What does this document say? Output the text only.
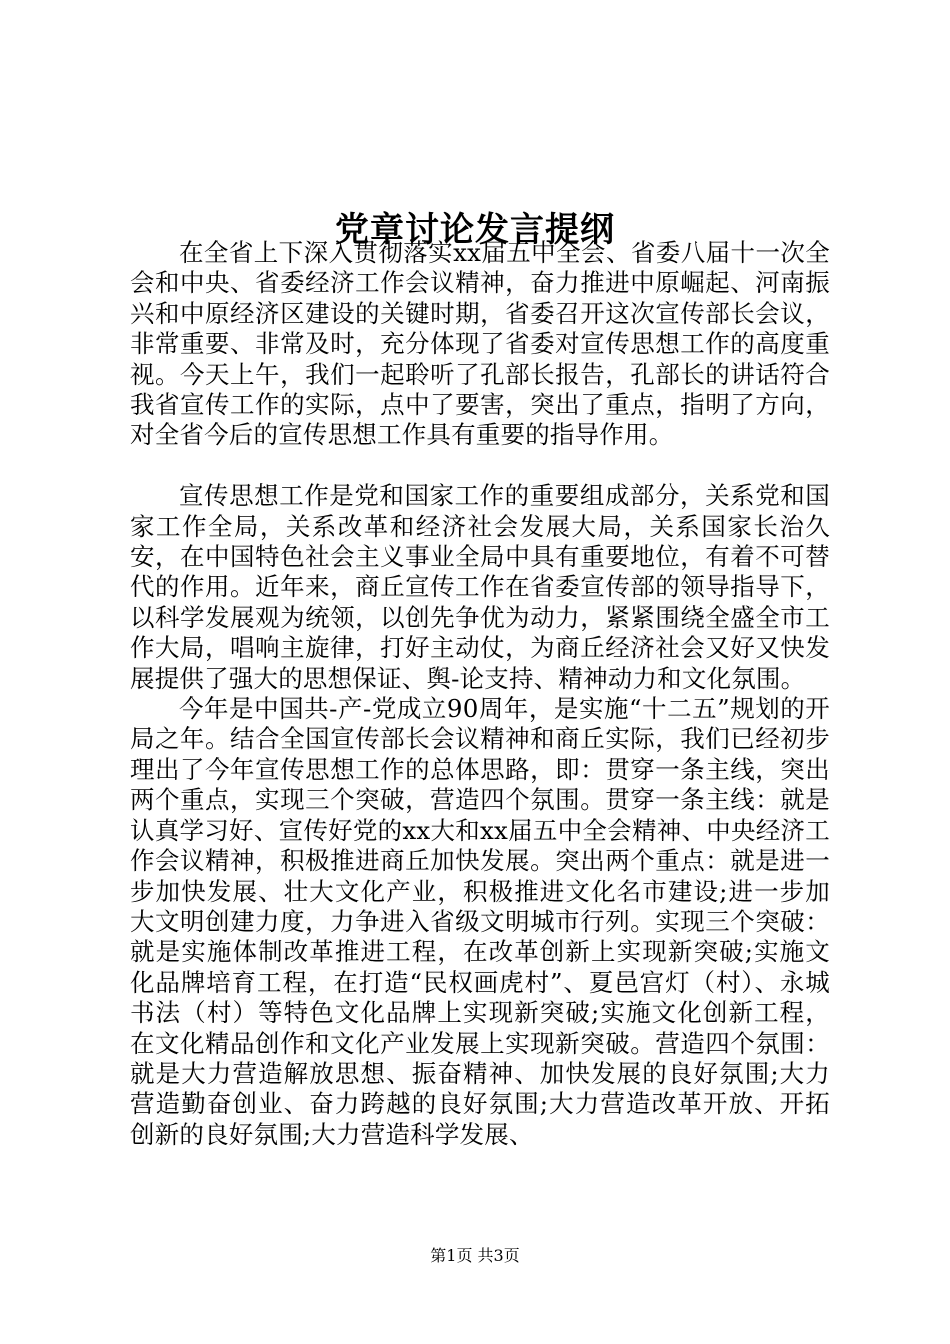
党章讨论发言提纲

在全省上下深入贯彻落实xx届五中全会、省委八届十一次全会和中央、省委经济工作会议精神，奋力推进中原崛起、河南振兴和中原经济区建设的关键时期，省委召开这次宣传部长会议，非常重要、非常及时，充分体现了省委对宣传思想工作的高度重视。今天上午，我们一起聆听了孔部长报告，孔部长的讲话符合我省宣传工作的实际，点中了要害，突出了重点，指明了方向，对全省今后的宣传思想工作具有重要的指导作用。

宣传思想工作是党和国家工作的重要组成部分，关系党和国家工作全局，关系改革和经济社会发展大局，关系国家长治久安，在中国特色社会主义事业全局中具有重要地位，有着不可替代的作用。近年来，商丘宣传工作在省委宣传部的领导指导下，以科学发展观为统领，以创先争优为动力，紧紧围绕全盛全市工作大局，唱响主旋律，打好主动仗，为商丘经济社会又好又快发展提供了强大的思想保证、舆-论支持、精神动力和文化氛围。

今年是中国共-产-党成立90周年，是实施“十二五”规划的开局之年。结合全国宣传部长会议精神和商丘实际，我们已经初步理出了今年宣传思想工作的总体思路，即：贯穿一条主线，突出两个重点，实现三个突破，营造四个氛围。贯穿一条主线：就是认真学习好、宣传好党的xx大和xx届五中全会精神、中央经济工作会议精神，积极推进商丘加快发展。突出两个重点：就是进一步加快发展、壮大文化产业，积极推进文化名市建设;进一步加大文明创建力度，力争进入省级文明城市行列。实现三个突破：就是实施体制改革推进工程，在改革创新上实现新突破;实施文化品牌培育工程，在打造“民权画虎村”、夏邑宫灯（村）、永城书法（村）等特色文化品牌上实现新突破;实施文化创新工程，在文化精品创作和文化产业发展上实现新突破。营造四个氛围：就是大力营造解放思想、振奋精神、加快发展的良好氛围;大力营造勤奋创业、奋力跨越的良好氛围;大力营造改革开放、开拓创新的良好氛围;大力营造科学发展、

第1页 共3页
